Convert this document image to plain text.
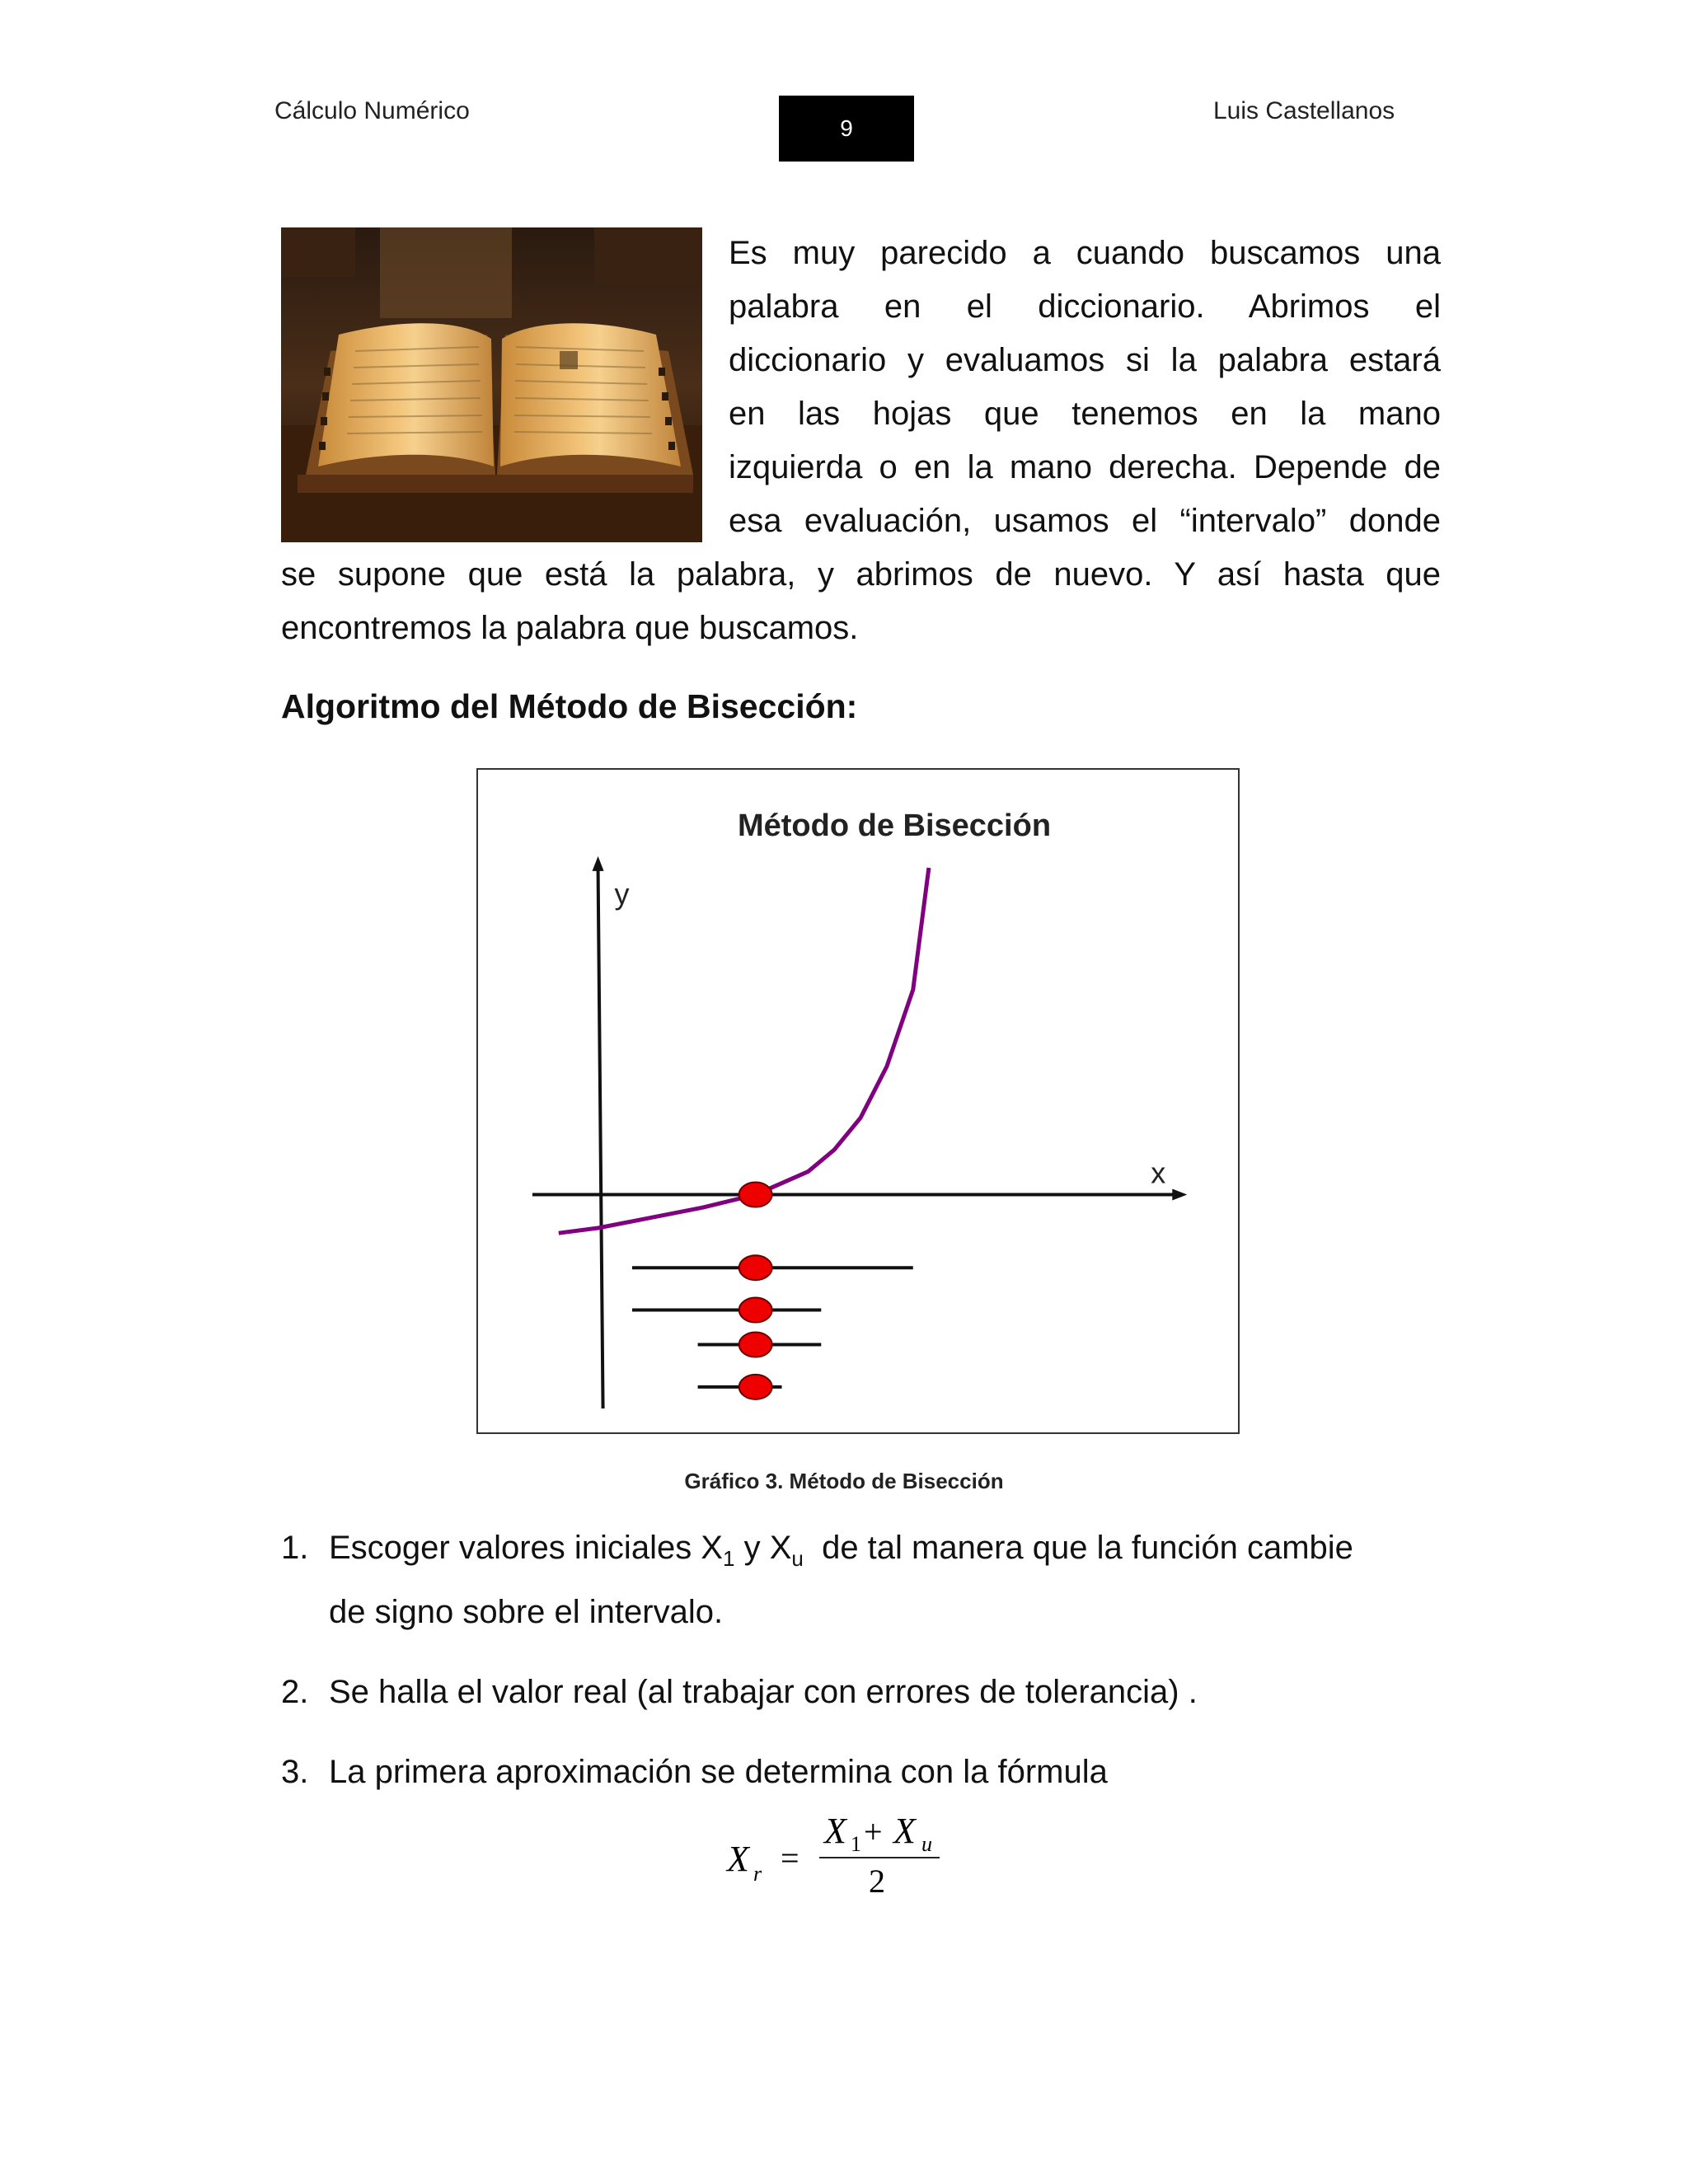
Cálculo Numérico
9
Luis Castellanos
Es muy parecido a cuando buscamos una
palabra en el diccionario. Abrimos el
diccionario y evaluamos si la palabra estará
en las hojas que tenemos en la mano
izquierda o en la mano derecha. Depende de
esa evaluación, usamos el “intervalo” donde
se supone que está la palabra, y abrimos de nuevo. Y así hasta que
encontremos la palabra que buscamos.
Algoritmo del Método de Bisección:
Método de Bisección
y
x
Gráfico 3. Método de Bisección
1. Escoger valores iniciales $X_1$ y $X_u$  de tal manera que la función cambie
de signo sobre el intervalo.
2. Se halla el valor real (al trabajar con errores de tolerancia) .
3. La primera aproximación se determina con la fórmula
X r =
X 1 + X u
2
